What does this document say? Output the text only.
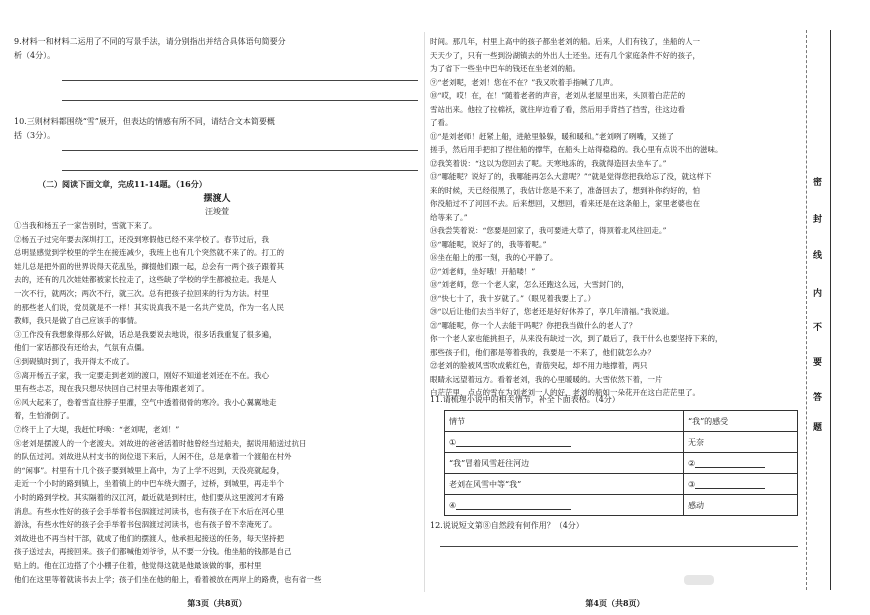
9.材料一和材料二运用了不同的写景手法，请分别指出并结合具体语句简要分

析（4分）。

10.三则材料都围绕“雪”展开，但表达的情感有所不同，请结合文本简要概

括（3分）。

（二）阅读下面文章，完成11-14题。（16分）

摆渡人

汪竣萱

①当我和杨五子一家告别时，雪就下来了。

②杨五子过完年要去深圳打工，还没到寒假他已经不来学校了。春节过后，我

总明显感觉到学校里的学生在接连减少，我班上也有几个突然就不来了的。打工的

娃儿总是把外面的世界说得天花乱坠，撺掇他们跟一起，总会有一两个孩子跟着其

去的，还有的几次娃娃都被家长拉走了，这些缺了学校的学生都被拉走。我是人

一次不行，就两次；两次不行，就三次。总有把孩子拉回来的行为方法。村里

的那些老人们说，党员就是不一样！其实说真我不是一名共产党员，作为一名人民

教师，我只是做了自己应该手的事情。

③工作没有我想象得那么好做，话总是我要说去地说，很多话我重复了很多遍，

他们一家话都没有还给去，气氛有点僵。

④到砚镇时到了，我开得太不成了。

⑤离开杨五子家，我一定要走到老刘的渡口，刚好不知道老刘还在不在。我心

里有些忐忑，现在我只想尽快回自己村里去等他跟老刘了。

⑥风大起来了，卷着雪直往脖子里灌，空气中透着彻骨的寒冷。我小心翼翼地走

着，生怕滑倒了。

⑦终于上了大堤，我赶忙呼唤：“老刘呢，老刘！”

⑧老刘是摆渡人的一个老渡夫。刘故进的爸爸活着时他曾经当过船夫，据说用船送过抗日

的队伍过河。刘故进从村支书的岗位退下来后，人闲不住，总是拿着一个渡船在村外

的“闲事”。村里有十几个孩子要到城里上高中，为了上学不迟到，天没亮就起身，

走近一个小时的路到镇上，坐着镇上的中巴车绕大圈子，过桥，到城里，再走半个

小时的路到学校。其实隔着的汉江河，最近就是到村庄，他们要从这里渡河才有路

消息。有些水性好的孩子会手举着书包泅渡过河读书，也有孩子在下水后在河心里

游泳，有些水性好的孩子会手举着书包泅渡过河读书，也有孩子曾不幸淹死了。

刘故进也不再当村干部，就成了他们的摆渡人，他承担起接送的任务，每天坚持把

孩子送过去，再接回来。孩子们都喊他刘爷爷，从不要一分钱。他坐船的钱都是自己

贴上的。他在江边搭了个小棚子住着，他觉得这就是他最该做的事，那村里

他们在这里等着就读书去上学；孩子们坐在他的船上，看着被放在两岸上的路费，也有省一些

第3页（共8页）

时间。那几年，村里上高中的孩子都坐老刘的船。后来，人们有钱了，坐船的人一

天天少了，只有一些到汾湖镇去的外出人士还坐。还有几个家庭条件不好的孩子，

为了省下一些坐中巴车的钱还在坐老刘的船。

⑨“老刘呢，老刘！您在不在？”我又吹着手指喊了几声。

⑩“哎，哎！在，在！”随着老者的声音，老刘从老屋里出来，头顶着白茫茫的

雪站出来。他拉了拉棉袄，就往岸边看了看，然后用手背挡了挡雪，往这边看

了看。

⑪“是刘老师！赶紧上船，进舱里躲躲，暖和暖和。”老刘咧了咧嘴，又搓了

搓手，然后用手把扣了捏住船的撑竿，在船头上站得稳稳的。我心里有点说不出的滋味。

⑫我笑着说：“这以为您回去了呢。天寒地冻的，我就得造回去坐车了。”

⑬“哪能呢？说好了的，我哪能再怎么大意呢？”“就是觉得您把我给忘了没，就这样下

来的时候，天已经很黑了，我估计您是不来了，准备回去了，想到补你约好的，怕

你没船过不了河回不去。后来想回，又想回，看来还是在这条船上，家里老婆也在

给等来了。”

⑭我尝笑着说：“您要是回家了，我可要进大草了，得顶着北风往回走。”

⑮“哪能呢，说好了的，我等着呢。”

⑯坐在船上的那一刻，我的心平静了。

⑰“刘老师，坐好哦！开船喽！”

⑱“刘老师，您一个老人家，怎么还跑这么远，大雪封门的，

⑲“快七十了，我十岁就了。”（眼见着我要上了。）

⑳“以后让他们去当半好了，您老还是好好休养了，享几年清福。”我说道。

㉑“哪能呢，你一个人去能干吗呢？你把我当做什么的老人了？

你一个老人家也能挑担子，从来没有缺过一次，到了最后了，我干什么也要坚持下来的，

那些孩子们，他们都是等着我的，我要是一不来了，他们就怎么办？

㉒老刘的脸被风雪吹成紫红色，青筋突起，却不用力地撑着，两只

眼睛永远望着远方。看着老刘，我的心里暖暖的。大雪依然下着，一片

白茫茫里，点点的雪在为刘老刘一人的好，老刘的船如一朵花开在这白茫茫里了。

11.请梳理小说中的相关情节，补全下面表格。（4分）

情节	“我”的感受
①	无奈
“我”冒着风雪赶往河边	②
老刘在风雪中等“我”	③
④	感动

12.说说短文第⑧自然段有何作用？（4分）

第4页（共8页）
密
封
线
内
不
要
答
题
